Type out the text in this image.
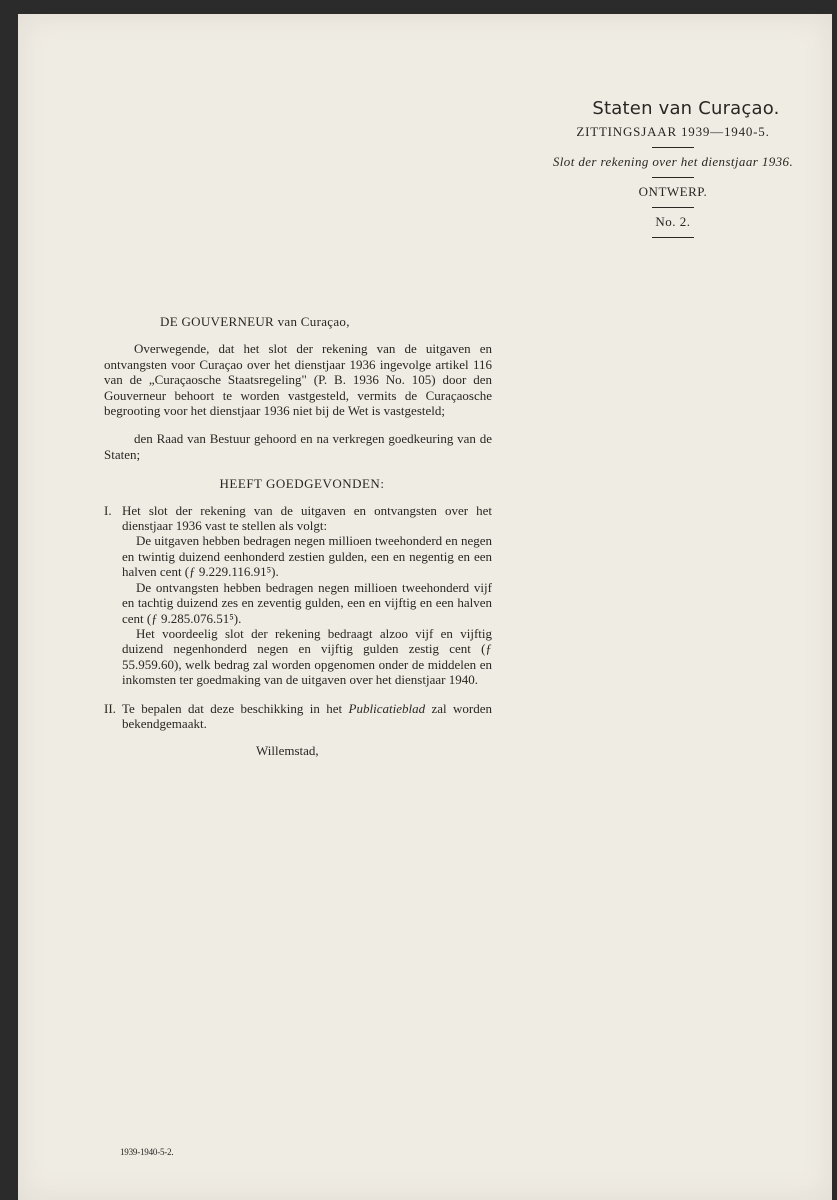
Staten van Curaçao.
ZITTINGSJAAR 1939—1940-5.
Slot der rekening over het dienstjaar 1936.
ONTWERP.
No. 2.
DE GOUVERNEUR van Curaçao,

Overwegende, dat het slot der rekening van de uitgaven en ontvangsten voor Curaçao over het dienstjaar 1936 ingevolge artikel 116 van de „Curaçaosche Staatsregeling" (P. B. 1936 No. 105) door den Gouverneur behoort te worden vastgesteld, vermits de Curaçaosche begrooting voor het dienstjaar 1936 niet bij de Wet is vastgesteld;

den Raad van Bestuur gehoord en na verkregen goedkeuring van de Staten;

HEEFT GOEDGEVONDEN:
I. Het slot der rekening van de uitgaven en ontvangsten over het dienstjaar 1936 vast te stellen als volgt:

De uitgaven hebben bedragen negen millioen tweehonderd en negen en twintig duizend eenhonderd zestien gulden, een en negentig en een halven cent (ƒ 9.229.116.91⁵).

De ontvangsten hebben bedragen negen millioen tweehonderd vijf en tachtig duizend zes en zeventig gulden, een en vijftig en een halven cent (ƒ 9.285.076.51⁵).

Het voordeelig slot der rekening bedraagt alzoo vijf en vijftig duizend negenhonderd negen en vijftig gulden zestig cent (ƒ 55.959.60), welk bedrag zal worden opgenomen onder de middelen en inkomsten ter goedmaking van de uitgaven over het dienstjaar 1940.

II. Te bepalen dat deze beschikking in het Publicatieblad zal worden bekendgemaakt.

Willemstad,
1939-1940-5-2.
